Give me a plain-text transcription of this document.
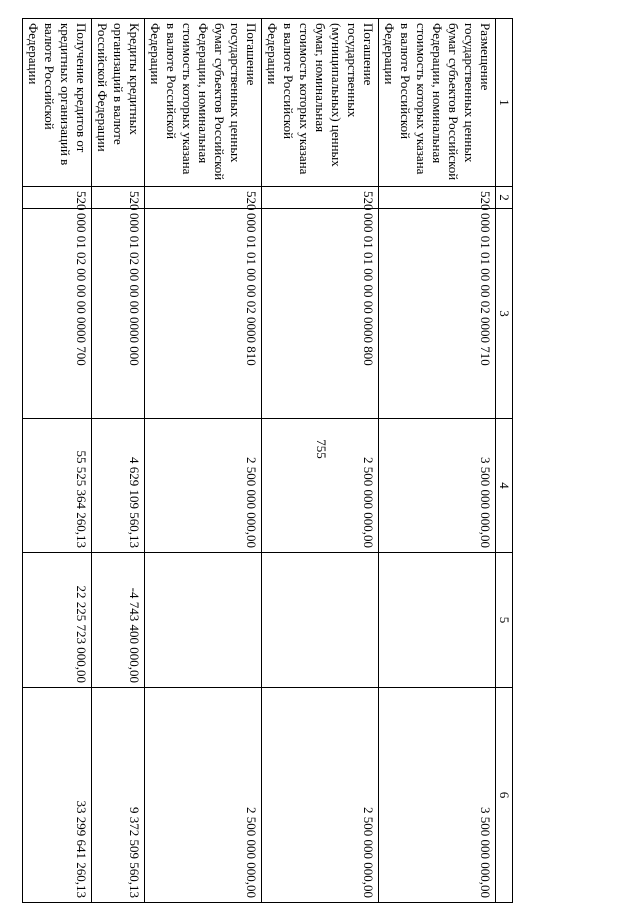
755
1	2	3	4	5	6
Размещение государственных ценных бумаг субъектов Российской Федерации, номинальная стоимость которых указана в валюте Российской Федерации	520	000 01 01 00 00 02 0000 710	3 500 000 000,00		3 500 000 000,00
Погашение государственных (муниципальных) ценных бумаг, номинальная стоимость которых указана в валюте Российской Федерации	520	000 01 01 00 00 00 0000 800	2 500 000 000,00		2 500 000 000,00
Погашение государственных ценных бумаг субъектов Российской Федерации, номинальная стоимость которых указана в валюте Российской Федерации	520	000 01 01 00 00 02 0000 810	2 500 000 000,00		2 500 000 000,00
Кредиты кредитных организаций в валюте Российской Федерации	520	000 01 02 00 00 00 0000 000	4 629 109 560,13	-4 743 400 000,00	9 372 509 560,13
Получение кредитов от кредитных организаций в валюте Российской Федерации	520	000 01 02 00 00 00 0000 700	55 525 364 260,13	22 225 723 000,00	33 299 641 260,13
